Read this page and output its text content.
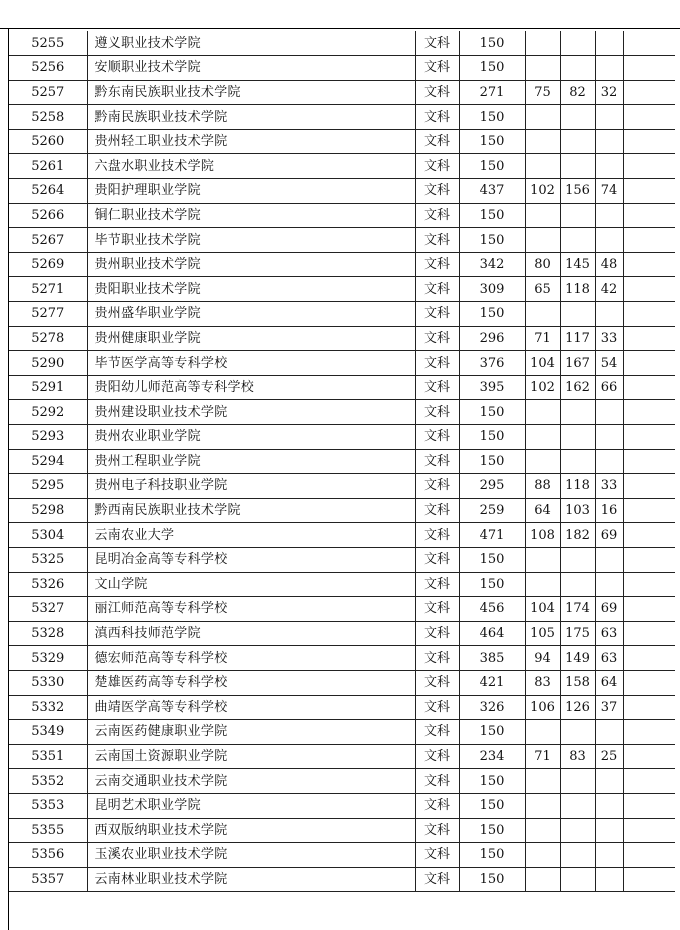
5255	遵义职业技术学院	文科	150				
5256	安顺职业技术学院	文科	150				
5257	黔东南民族职业技术学院	文科	271	75	82	32	
5258	黔南民族职业技术学院	文科	150				
5260	贵州轻工职业技术学院	文科	150				
5261	六盘水职业技术学院	文科	150				
5264	贵阳护理职业学院	文科	437	102	156	74	
5266	铜仁职业技术学院	文科	150				
5267	毕节职业技术学院	文科	150				
5269	贵州职业技术学院	文科	342	80	145	48	
5271	贵阳职业技术学院	文科	309	65	118	42	
5277	贵州盛华职业学院	文科	150				
5278	贵州健康职业学院	文科	296	71	117	33	
5290	毕节医学高等专科学校	文科	376	104	167	54	
5291	贵阳幼儿师范高等专科学校	文科	395	102	162	66	
5292	贵州建设职业技术学院	文科	150				
5293	贵州农业职业学院	文科	150				
5294	贵州工程职业学院	文科	150				
5295	贵州电子科技职业学院	文科	295	88	118	33	
5298	黔西南民族职业技术学院	文科	259	64	103	16	
5304	云南农业大学	文科	471	108	182	69	
5325	昆明冶金高等专科学校	文科	150				
5326	文山学院	文科	150				
5327	丽江师范高等专科学校	文科	456	104	174	69	
5328	滇西科技师范学院	文科	464	105	175	63	
5329	德宏师范高等专科学校	文科	385	94	149	63	
5330	楚雄医药高等专科学校	文科	421	83	158	64	
5332	曲靖医学高等专科学校	文科	326	106	126	37	
5349	云南医药健康职业学院	文科	150				
5351	云南国土资源职业学院	文科	234	71	83	25	
5352	云南交通职业技术学院	文科	150				
5353	昆明艺术职业学院	文科	150				
5355	西双版纳职业技术学院	文科	150				
5356	玉溪农业职业技术学院	文科	150				
5357	云南林业职业技术学院	文科	150				
